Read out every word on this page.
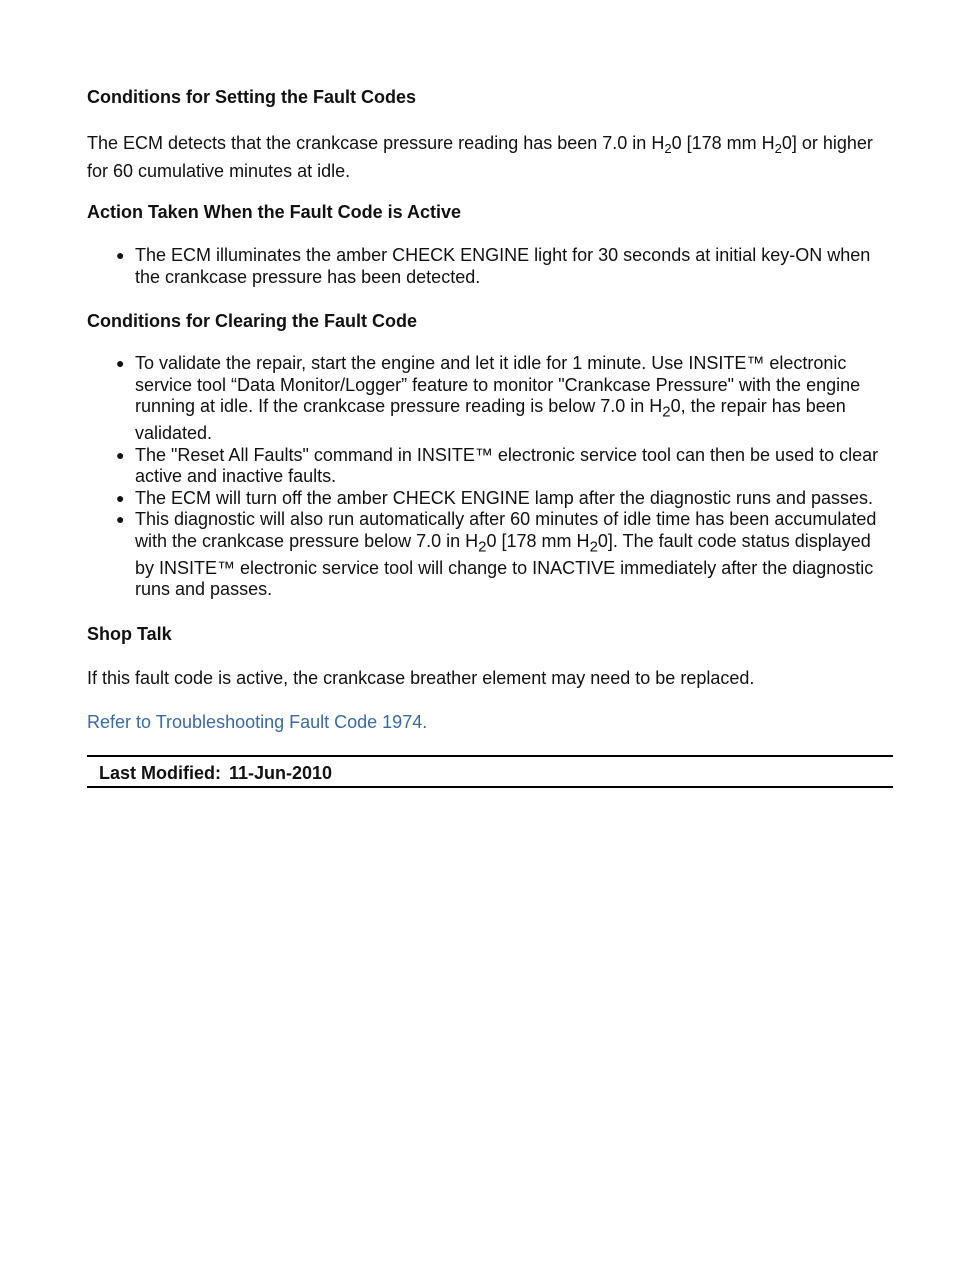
Conditions for Setting the Fault Codes

The ECM detects that the crankcase pressure reading has been 7.0 in $H_20$ [178 mm $H_20$] or higher for 60 cumulative minutes at idle.

Action Taken When the Fault Code is Active
● The ECM illuminates the amber CHECK ENGINE light for 30 seconds at initial key-ON when the crankcase pressure has been detected.
Conditions for Clearing the Fault Code
● To validate the repair, start the engine and let it idle for 1 minute. Use INSITE™ electronic service tool “Data Monitor/Logger” feature to monitor "Crankcase Pressure" with the engine running at idle. If the crankcase pressure reading is below 7.0 in $H_20$, the repair has been validated.
● The "Reset All Faults" command in INSITE™ electronic service tool can then be used to clear active and inactive faults.
● The ECM will turn off the amber CHECK ENGINE lamp after the diagnostic runs and passes.
● This diagnostic will also run automatically after 60 minutes of idle time has been accumulated with the crankcase pressure below 7.0 in $H_20$ [178 mm $H_20$]. The fault code status displayed by INSITE™ electronic service tool will change to INACTIVE immediately after the diagnostic runs and passes.
Shop Talk

If this fault code is active, the crankcase breather element may need to be replaced.

Refer to Troubleshooting Fault Code 1974.
Last Modified: 11-Jun-2010
